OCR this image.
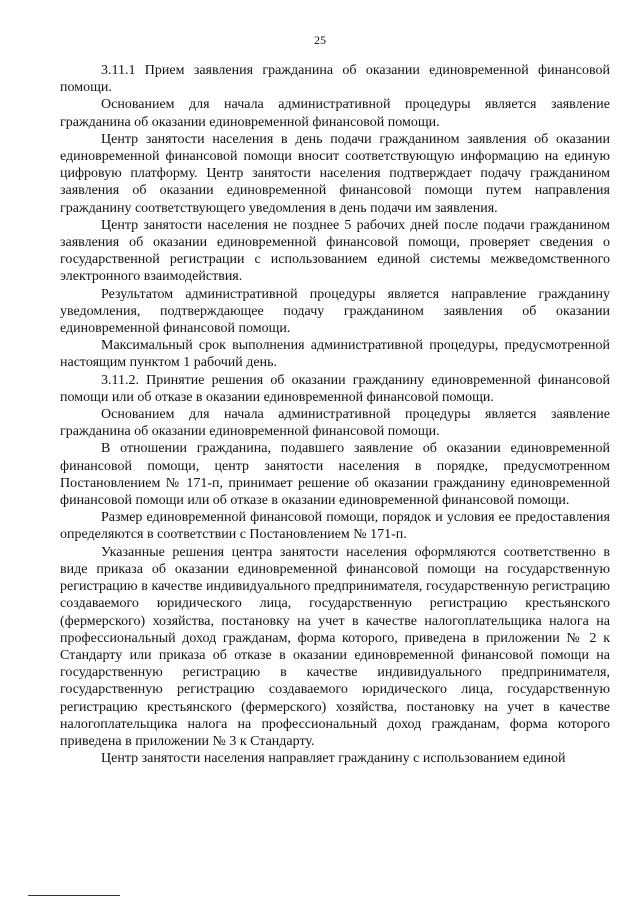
25

3.11.1 Прием заявления гражданина об оказании единовременной финансовой помощи.

Основанием для начала административной процедуры является заявление гражданина об оказании единовременной финансовой помощи.

Центр занятости населения в день подачи гражданином заявления об оказании единовременной финансовой помощи вносит соответствующую информацию на единую цифровую платформу. Центр занятости населения подтверждает подачу гражданином заявления об оказании единовременной финансовой помощи путем направления гражданину соответствующего уведомления в день подачи им заявления.

Центр занятости населения не позднее 5 рабочих дней после подачи гражданином заявления об оказании единовременной финансовой помощи, проверяет сведения о государственной регистрации с использованием единой системы межведомственного электронного взаимодействия.

Результатом административной процедуры является направление гражданину уведомления, подтверждающее подачу гражданином заявления об оказании единовременной финансовой помощи.

Максимальный срок выполнения административной процедуры, предусмотренной настоящим пунктом 1 рабочий день.

3.11.2. Принятие решения об оказании гражданину единовременной финансовой помощи или об отказе в оказании единовременной финансовой помощи.

Основанием для начала административной процедуры является заявление гражданина об оказании единовременной финансовой помощи.

В отношении гражданина, подавшего заявление об оказании единовременной финансовой помощи, центр занятости населения в порядке, предусмотренном Постановлением № 171-п, принимает решение об оказании гражданину единовременной финансовой помощи или об отказе в оказании единовременной финансовой помощи.

Размер единовременной финансовой помощи, порядок и условия ее предоставления определяются в соответствии с Постановлением № 171-п.

Указанные решения центра занятости населения оформляются соответственно в виде приказа об оказании единовременной финансовой помощи на государственную регистрацию в качестве индивидуального предпринимателя, государственную регистрацию создаваемого юридического лица, государственную регистрацию крестьянского (фермерского) хозяйства, постановку на учет в качестве налогоплательщика налога на профессиональный доход гражданам, форма которого, приведена в приложении № 2 к Стандарту или приказа об отказе в оказании единовременной финансовой помощи на государственную регистрацию в качестве индивидуального предпринимателя, государственную регистрацию создаваемого юридического лица, государственную регистрацию крестьянского (фермерского) хозяйства, постановку на учет в качестве налогоплательщика налога на профессиональный доход гражданам, форма которого приведена в приложении № 3 к Стандарту.

Центр занятости населения направляет гражданину с использованием единой
